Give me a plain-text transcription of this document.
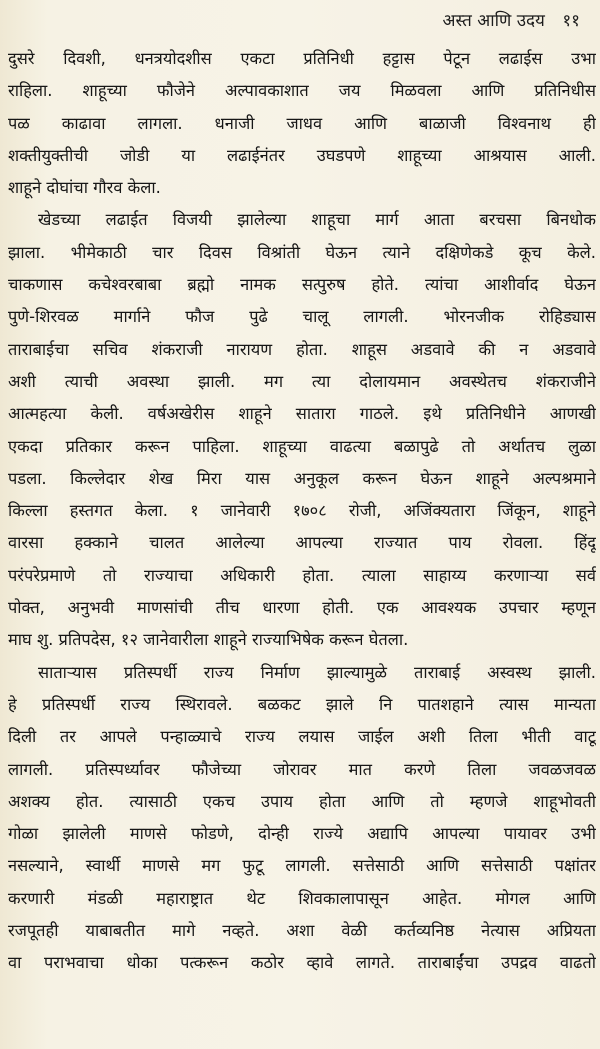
अस्त आणि उदय ११
दुसरे दिवशी, धनत्रयोदशीस एकटा प्रतिनिधी हट्टास पेटून लढाईस उभा
राहिला. शाहूच्या फौजेने अल्पावकाशात जय मिळवला आणि प्रतिनिधीस
पळ काढावा लागला. धनाजी जाधव आणि बाळाजी विश्वनाथ ही
शक्तीयुक्तीची जोडी या लढाईनंतर उघडपणे शाहूच्या आश्रयास आली.
शाहूने दोघांचा गौरव केला.
खेडच्या लढाईत विजयी झालेल्या शाहूचा मार्ग आता बरचसा बिनधोक
झाला. भीमेकाठी चार दिवस विश्रांती घेऊन त्याने दक्षिणेकडे कूच केले.
चाकणास कचेश्वरबाबा ब्रह्मो नामक सत्पुरुष होते. त्यांचा आशीर्वाद घेऊन
पुणे-शिरवळ मार्गाने फौज पुढे चालू लागली. भोरनजीक रोहिड्यास
ताराबाईचा सचिव शंकराजी नारायण होता. शाहूस अडवावे की न अडवावे
अशी त्याची अवस्था झाली. मग त्या दोलायमान अवस्थेतच शंकराजीने
आत्महत्या केली. वर्षअखेरीस शाहूने सातारा गाठले. इथे प्रतिनिधीने आणखी
एकदा प्रतिकार करून पाहिला. शाहूच्या वाढत्या बळापुढे तो अर्थातच लुळा
पडला. किल्लेदार शेख मिरा यास अनुकूल करून घेऊन शाहूने अल्पश्रमाने
किल्ला हस्तगत केला. १ जानेवारी १७०८ रोजी, अजिंक्यतारा जिंकून, शाहूने
वारसा हक्काने चालत आलेल्या आपल्या राज्यात पाय रोवला. हिंदू
परंपरेप्रमाणे तो राज्याचा अधिकारी होता. त्याला साहाय्य करणाऱ्या सर्व
पोक्त, अनुभवी माणसांची तीच धारणा होती. एक आवश्यक उपचार म्हणून
माघ शु. प्रतिपदेस, १२ जानेवारीला शाहूने राज्याभिषेक करून घेतला.
साताऱ्यास प्रतिस्पर्धी राज्य निर्माण झाल्यामुळे ताराबाई अस्वस्थ झाली.
हे प्रतिस्पर्धी राज्य स्थिरावले. बळकट झाले नि पातशहाने त्यास मान्यता
दिली तर आपले पन्हाळ्याचे राज्य लयास जाईल अशी तिला भीती वाटू
लागली. प्रतिस्पर्ध्यावर फौजेच्या जोरावर मात करणे तिला जवळजवळ
अशक्य होत. त्यासाठी एकच उपाय होता आणि तो म्हणजे शाहूभोवती
गोळा झालेली माणसे फोडणे, दोन्ही राज्ये अद्यापि आपल्या पायावर उभी
नसल्याने, स्वार्थी माणसे मग फुटू लागली. सत्तेसाठी आणि सत्तेसाठी पक्षांतर
करणारी मंडळी महाराष्ट्रात थेट शिवकालापासून आहेत. मोगल आणि
रजपूतही याबाबतीत मागे नव्हते. अशा वेळी कर्तव्यनिष्ठ नेत्यास अप्रियता
वा पराभवाचा धोका पत्करून कठोर व्हावे लागते. ताराबाईंचा उपद्रव वाढतो
